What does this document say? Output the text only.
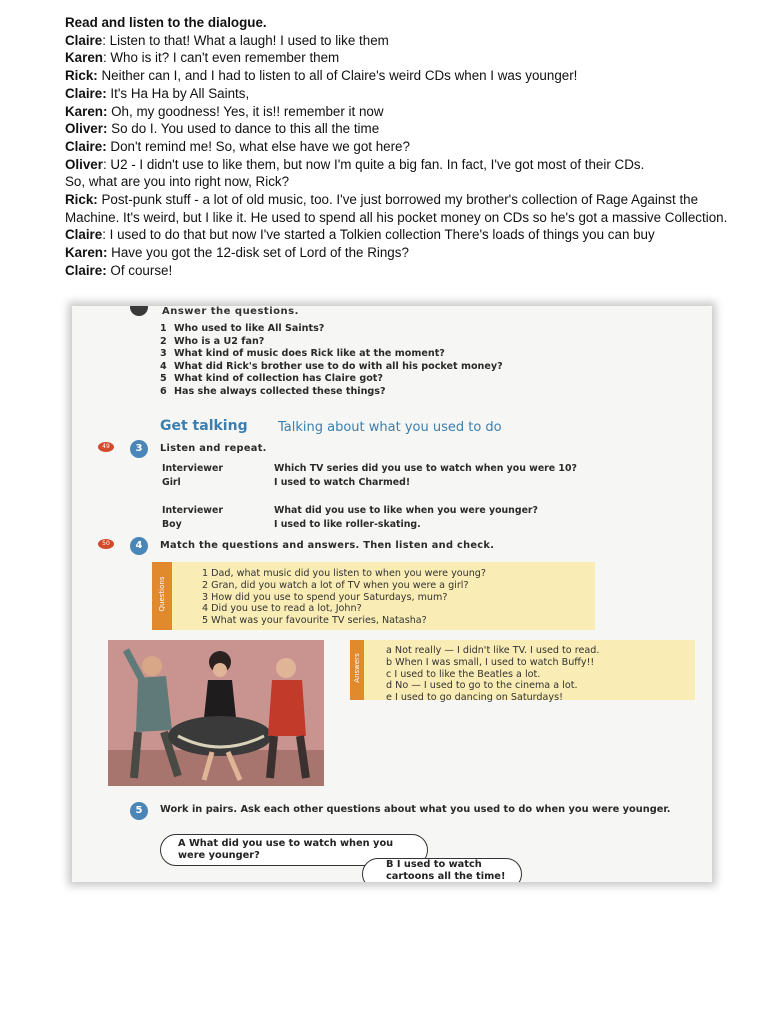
Read and listen to the dialogue.
Claire: Listen to that! What a laugh! I used to like them
Karen: Who is it? I can't even remember them
Rick: Neither can I, and I had to listen to all of Claire's weird CDs when I was younger!
Claire: It's Ha Ha by All Saints,
Karen: Oh, my goodness! Yes, it is!! remember it now
Oliver: So do I. You used to dance to this all the time
Claire: Don't remind me! So, what else have we got here?
Oliver: U2 - I didn't use to like them, but now I'm quite a big fan. In fact, I've got most of their CDs.
So, what are you into right now, Rick?
Rick: Post-punk stuff - a lot of old music, too. I've just borrowed my brother's collection of Rage Against the Machine. It's weird, but I like it. He used to spend all his pocket money on CDs so he's got a massive Collection.
Claire: I used to do that but now I've started a Tolkien collection There's loads of things you can buy
Karen: Have you got the 12-disk set of Lord of the Rings?
Claire: Of course!
Answer the questions.
1 Who used to like All Saints?
2 Who is a U2 fan?
3 What kind of music does Rick like at the moment?
4 What did Rick's brother use to do with all his pocket money?
5 What kind of collection has Claire got?
6 Has she always collected these things?
Get talking Talking about what you used to do
49	3	Listen and repeat.
Interviewer	Which TV series did you use to watch when you were 10?
Girl	I used to watch Charmed!

Interviewer	What did you use to like when you were younger?
Boy	I used to like roller-skating.
50	4	Match the questions and answers. Then listen and check.
Questions
1 Dad, what music did you listen to when you were young?
2 Gran, did you watch a lot of TV when you were a girl?
3 How did you use to spend your Saturdays, mum?
4 Did you use to read a lot, John?
5 What was your favourite TV series, Natasha?
Answers
a Not really — I didn't like TV. I used to read.
b When I was small, I used to watch Buffy!!
c I used to like the Beatles a lot.
d No — I used to go to the cinema a lot.
e I used to go dancing on Saturdays!
5	Work in pairs. Ask each other questions about what you used to do when you were younger.
A What did you use to watch when you were younger?
B I used to watch cartoons all the time!
